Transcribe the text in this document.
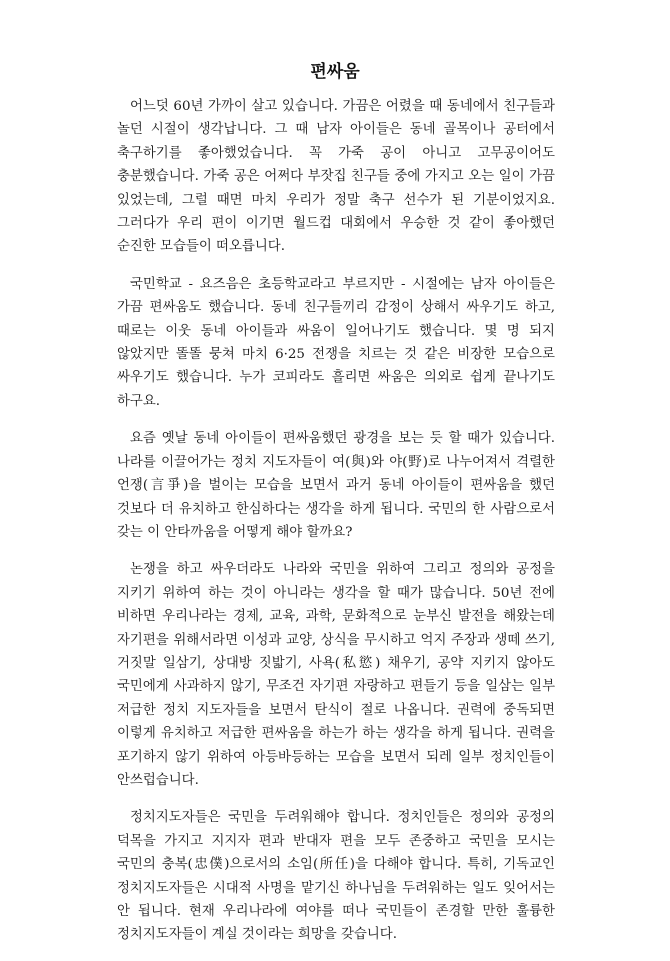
편싸움

어느덧 60년 가까이 살고 있습니다. 가끔은 어렸을 때 동네에서 친구들과 놀던 시절이 생각납니다. 그 때 남자 아이들은 동네 골목이나 공터에서 축구하기를 좋아했었습니다. 꼭 가죽 공이 아니고 고무공이어도 충분했습니다. 가죽 공은 어쩌다 부잣집 친구들 중에 가지고 오는 일이 가끔 있었는데, 그럴 때면 마치 우리가 정말 축구 선수가 된 기분이었지요. 그러다가 우리 편이 이기면 월드컵 대회에서 우승한 것 같이 좋아했던 순진한 모습들이 떠오릅니다.

국민학교 - 요즈음은 초등학교라고 부르지만 - 시절에는 남자 아이들은 가끔 편싸움도 했습니다. 동네 친구들끼리 감정이 상해서 싸우기도 하고, 때로는 이웃 동네 아이들과 싸움이 일어나기도 했습니다. 몇 명 되지 않았지만 똘똘 뭉쳐 마치 6·25 전쟁을 치르는 것 같은 비장한 모습으로 싸우기도 했습니다. 누가 코피라도 흘리면 싸움은 의외로 쉽게 끝나기도 하구요.

요즘 옛날 동네 아이들이 편싸움했던 광경을 보는 듯 할 때가 있습니다. 나라를 이끌어가는 정치 지도자들이 여(與)와 야(野)로 나누어져서 격렬한 언쟁(言爭)을 벌이는 모습을 보면서 과거 동네 아이들이 편싸움을 했던 것보다 더 유치하고 한심하다는 생각을 하게 됩니다. 국민의 한 사람으로서 갖는 이 안타까움을 어떻게 해야 할까요?

논쟁을 하고 싸우더라도 나라와 국민을 위하여 그리고 정의와 공정을 지키기 위하여 하는 것이 아니라는 생각을 할 때가 많습니다. 50년 전에 비하면 우리나라는 경제, 교육, 과학, 문화적으로 눈부신 발전을 해왔는데 자기편을 위해서라면 이성과 교양, 상식을 무시하고 억지 주장과 생떼 쓰기, 거짓말 일삼기, 상대방 짓밟기, 사욕(私慾) 채우기, 공약 지키지 않아도 국민에게 사과하지 않기, 무조건 자기편 자랑하고 편들기 등을 일삼는 일부 저급한 정치 지도자들을 보면서 탄식이 절로 나옵니다. 권력에 중독되면 이렇게 유치하고 저급한 편싸움을 하는가 하는 생각을 하게 됩니다. 권력을 포기하지 않기 위하여 아등바등하는 모습을 보면서 되레 일부 정치인들이 안쓰럽습니다.

정치지도자들은 국민을 두려워해야 합니다. 정치인들은 정의와 공정의 덕목을 가지고 지지자 편과 반대자 편을 모두 존중하고 국민을 모시는 국민의 충복(忠僕)으로서의 소임(所任)을 다해야 합니다. 특히, 기독교인 정치지도자들은 시대적 사명을 맡기신 하나님을 두려워하는 일도 잊어서는 안 됩니다. 현재 우리나라에 여야를 떠나 국민들이 존경할 만한 훌륭한 정치지도자들이 계실 것이라는 희망을 갖습니다.
